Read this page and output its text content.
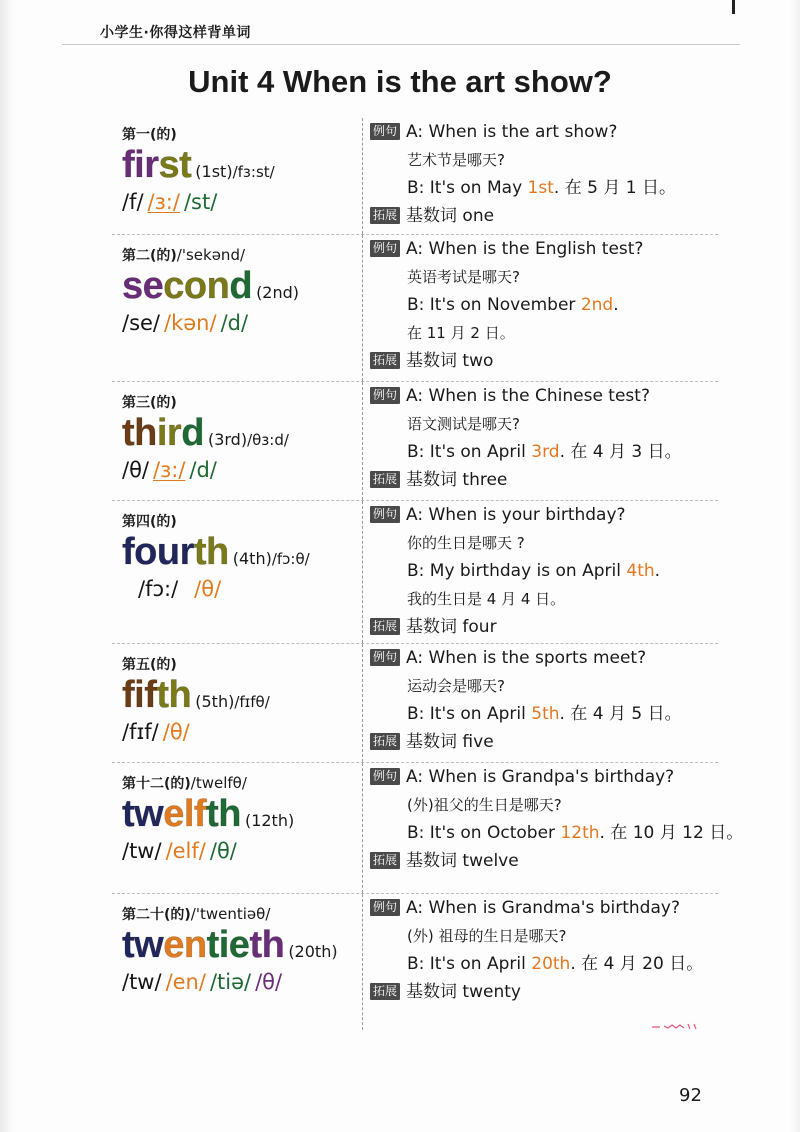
小学生·你得这样背单词
Unit 4 When is the art show?
第一(的)
first (1st)/fɜ:st/
/f/ /ɜ:/ /st/
例句 A: When is the art show?
艺术节是哪天?
B: It's on May 1st. 在 5 月 1 日。
拓展 基数词 one
第二(的)/'sekənd/
second (2nd)
/se/ /kən/ /d/
例句 A: When is the English test?
英语考试是哪天?
B: It's on November 2nd.
在 11 月 2 日。
拓展 基数词 two
第三(的)
third (3rd)/θɜ:d/
/θ/ /ɜ:/ /d/
例句 A: When is the Chinese test?
语文测试是哪天?
B: It's on April 3rd. 在 4 月 3 日。
拓展 基数词 three
第四(的)
fourth (4th)/fɔ:θ/
/fɔ:/ /θ/
例句 A: When is your birthday?
你的生日是哪天 ?
B: My birthday is on April 4th.
我的生日是 4 月 4 日。
拓展 基数词 four
第五(的)
fifth (5th)/fɪfθ/
/fɪf/ /θ/
例句 A: When is the sports meet?
运动会是哪天?
B: It's on April 5th. 在 4 月 5 日。
拓展 基数词 five
第十二(的)/twelfθ/
twelfth (12th)
/tw/ /elf/ /θ/
例句 A: When is Grandpa's birthday?
(外)祖父的生日是哪天?
B: It's on October 12th. 在 10 月 12 日。
拓展 基数词 twelve
第二十(的)/'twentiəθ/
twentieth (20th)
/tw/ /en/ /tiə/ /θ/
例句 A: When is Grandma's birthday?
(外) 祖母的生日是哪天?
B: It's on April 20th. 在 4 月 20 日。
拓展 基数词 twenty
92
